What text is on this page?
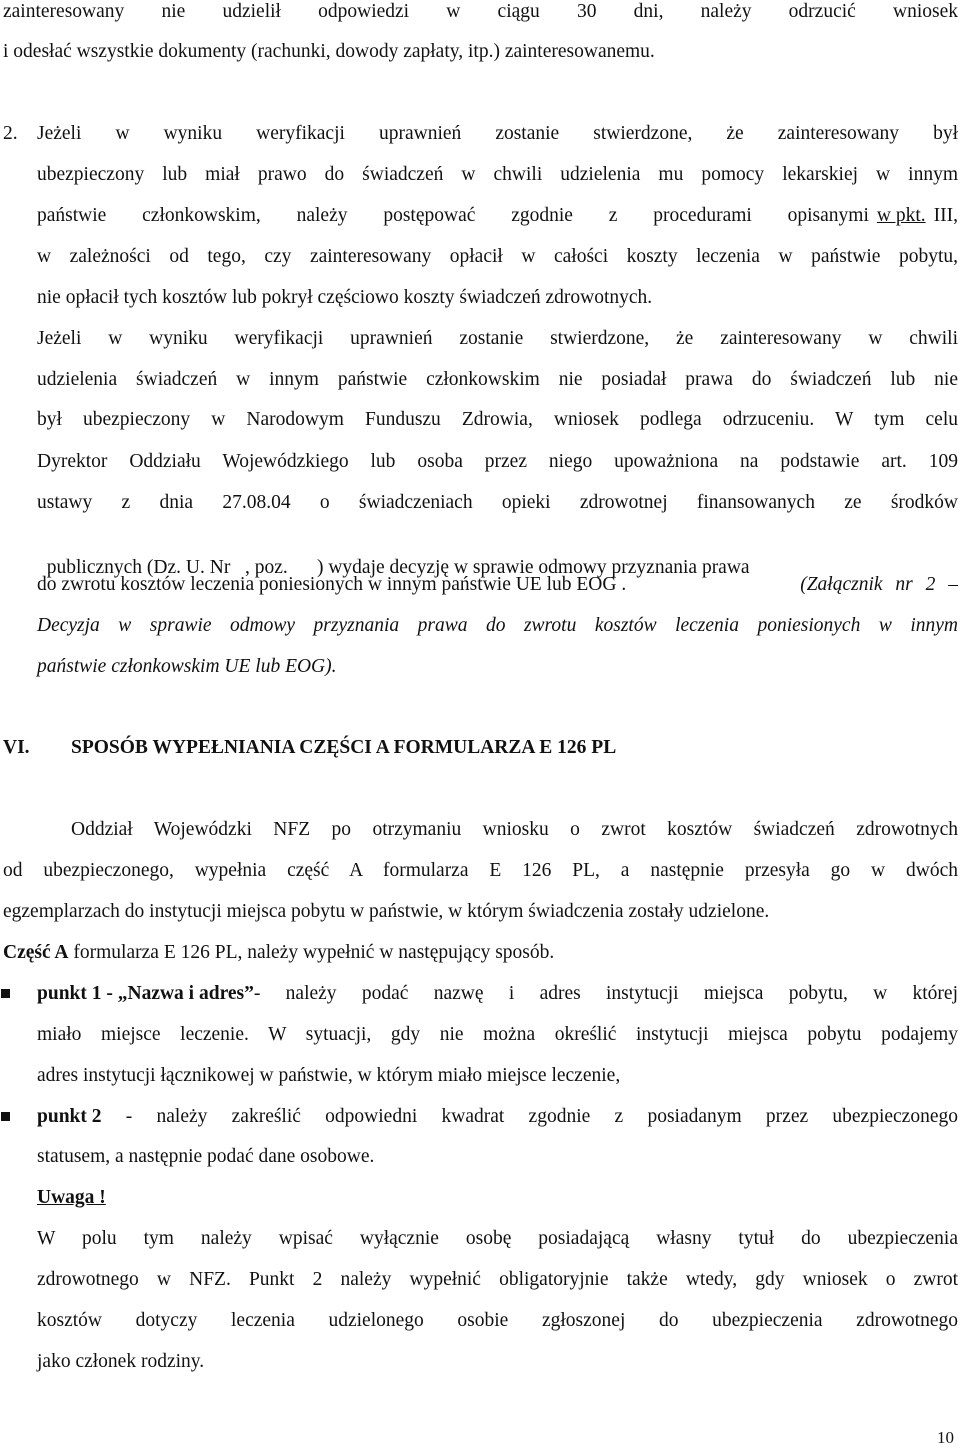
zainteresowany nie udzielił odpowiedzi w ciągu 30 dni, należy odrzucić wniosek
i odesłać wszystkie dokumenty (rachunki, dowody zapłaty, itp.) zainteresowanemu.
2. Jeżeli w wyniku weryfikacji uprawnień zostanie stwierdzone, że zainteresowany był
ubezpieczony lub miał prawo do świadczeń w chwili udzielenia mu pomocy lekarskiej w innym
państwie członkowskim, należy postępować zgodnie z procedurami opisanymi w pkt. III,
w zależności od tego, czy zainteresowany opłacił w całości koszty leczenia w państwie pobytu,
nie opłacił tych kosztów lub pokrył częściowo koszty świadczeń zdrowotnych.
Jeżeli w wyniku weryfikacji uprawnień zostanie stwierdzone, że zainteresowany w chwili
udzielenia świadczeń w innym państwie członkowskim nie posiadał prawa do świadczeń lub nie
był ubezpieczony w Narodowym Funduszu Zdrowia, wniosek podlega odrzuceniu. W tym celu
Dyrektor Oddziału Wojewódzkiego lub osoba przez niego upoważniona na podstawie art. 109
ustawy z dnia 27.08.04 o świadczeniach opieki zdrowotnej finansowanych ze środków

publicznych (Dz. U. Nr   , poz.      ) wydaje decyzję w sprawie odmowy przyznania prawa

do zwrotu kosztów leczenia poniesionych w innym państwie UE lub EOG .	(Załącznik nr 2 –
Decyzja w sprawie odmowy przyznania prawa do zwrotu kosztów leczenia poniesionych w innym
państwie członkowskim UE lub EOG).
VI. SPOSÓB WYPEŁNIANIA CZĘŚCI A FORMULARZA E 126 PL
Oddział Wojewódzki NFZ po otrzymaniu wniosku o zwrot kosztów świadczeń zdrowotnych
od ubezpieczonego, wypełnia część A formularza E 126 PL, a następnie przesyła go w dwóch
egzemplarzach do instytucji miejsca pobytu w państwie, w którym świadczenia zostały udzielone.
Część A formularza E 126 PL, należy wypełnić w następujący sposób.
punkt 1 - „Nazwa i adres” - należy podać nazwę i adres instytucji miejsca pobytu, w której
miało miejsce leczenie. W sytuacji, gdy nie można określić instytucji miejsca pobytu podajemy
adres instytucji łącznikowej w państwie, w którym miało miejsce leczenie,
punkt 2 - należy zakreślić odpowiedni kwadrat zgodnie z posiadanym przez ubezpieczonego
statusem, a następnie podać dane osobowe.
Uwaga !
W polu tym należy wpisać wyłącznie osobę posiadającą własny tytuł do ubezpieczenia
zdrowotnego w NFZ. Punkt 2 należy wypełnić obligatoryjnie także wtedy, gdy wniosek o zwrot
kosztów dotyczy leczenia udzielonego osobie zgłoszonej do ubezpieczenia zdrowotnego
jako członek rodziny.
10
